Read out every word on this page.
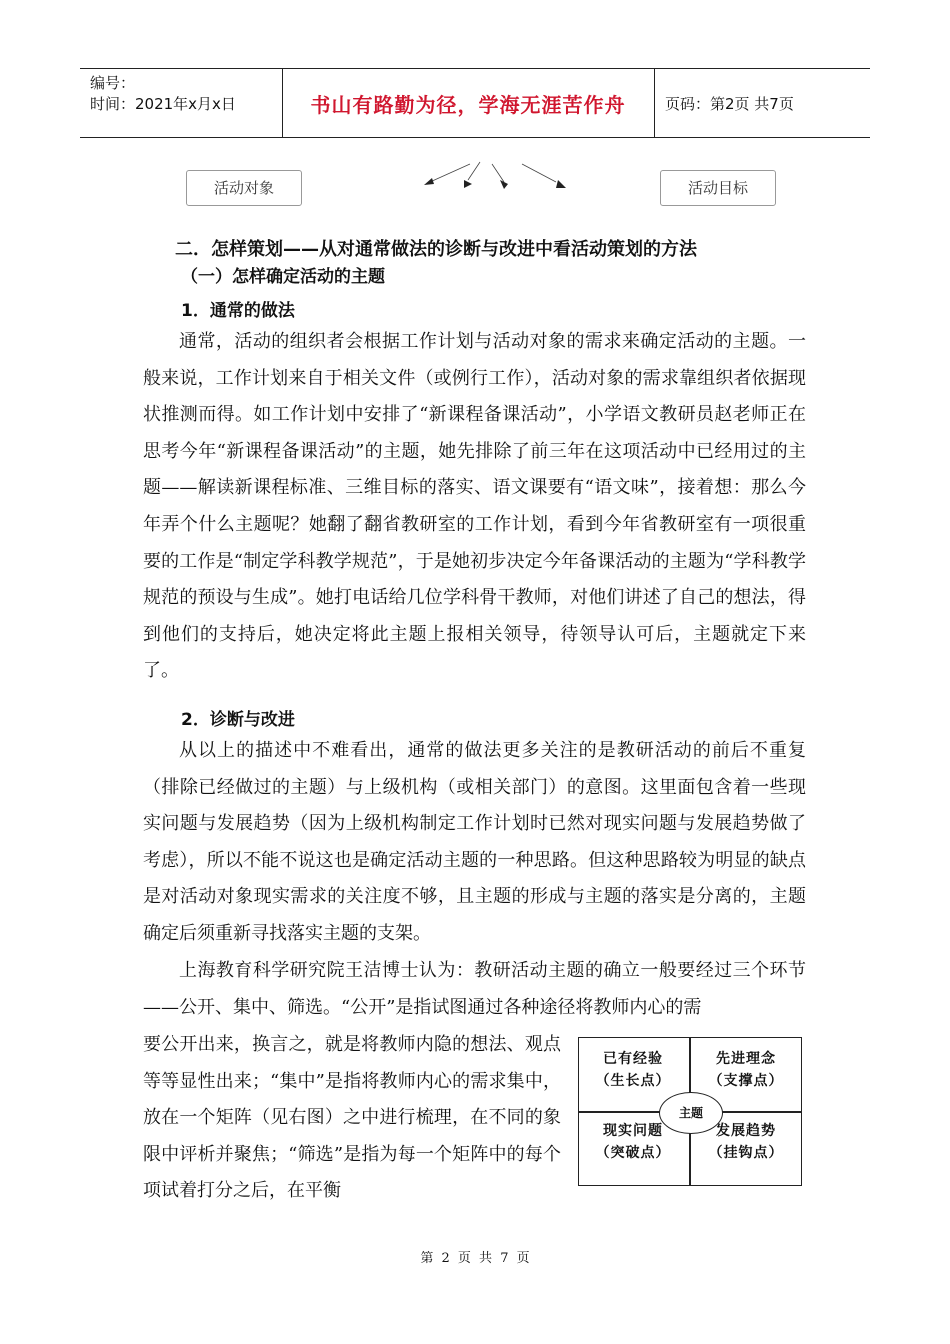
编号：
时间：2021年x月x日	书山有路勤为径，学海无涯苦作舟	页码：第2页 共7页
活动对象	活动目标
二．怎样策划——从对通常做法的诊断与改进中看活动策划的方法
（一）怎样确定活动的主题
1．通常的做法
通常，活动的组织者会根据工作计划与活动对象的需求来确定活动的主题。一般来说，工作计划来自于相关文件（或例行工作），活动对象的需求靠组织者依据现状推测而得。如工作计划中安排了“新课程备课活动”，小学语文教研员赵老师正在思考今年“新课程备课活动”的主题，她先排除了前三年在这项活动中已经用过的主题——解读新课程标准、三维目标的落实、语文课要有“语文味”，接着想：那么今年弄个什么主题呢？她翻了翻省教研室的工作计划，看到今年省教研室有一项很重要的工作是“制定学科教学规范”，于是她初步决定今年备课活动的主题为“学科教学规范的预设与生成”。她打电话给几位学科骨干教师，对他们讲述了自己的想法，得到他们的支持后，她决定将此主题上报相关领导，待领导认可后，主题就定下来了。
2．诊断与改进
从以上的描述中不难看出，通常的做法更多关注的是教研活动的前后不重复（排除已经做过的主题）与上级机构（或相关部门）的意图。这里面包含着一些现实问题与发展趋势（因为上级机构制定工作计划时已然对现实问题与发展趋势做了考虑），所以不能不说这也是确定活动主题的一种思路。但这种思路较为明显的缺点是对活动对象现实需求的关注度不够，且主题的形成与主题的落实是分离的，主题确定后须重新寻找落实主题的支架。
上海教育科学研究院王洁博士认为：教研活动主题的确立一般要经过三个环节——公开、集中、筛选。“公开”是指试图通过各种途径将教师内心的需
要公开出来，换言之，就是将教师内隐的想法、观点等等显性出来；“集中”是指将教师内心的需求集中，放在一个矩阵（见右图）之中进行梳理，在不同的象限中评析并聚焦；“筛选”是指为每一个矩阵中的每个项试着打分之后，在平衡
已有经验
（生长点）
先进理念
（支撑点）
现实问题
（突破点）
发展趋势
（挂钩点）
主题
第 2 页 共 7 页
